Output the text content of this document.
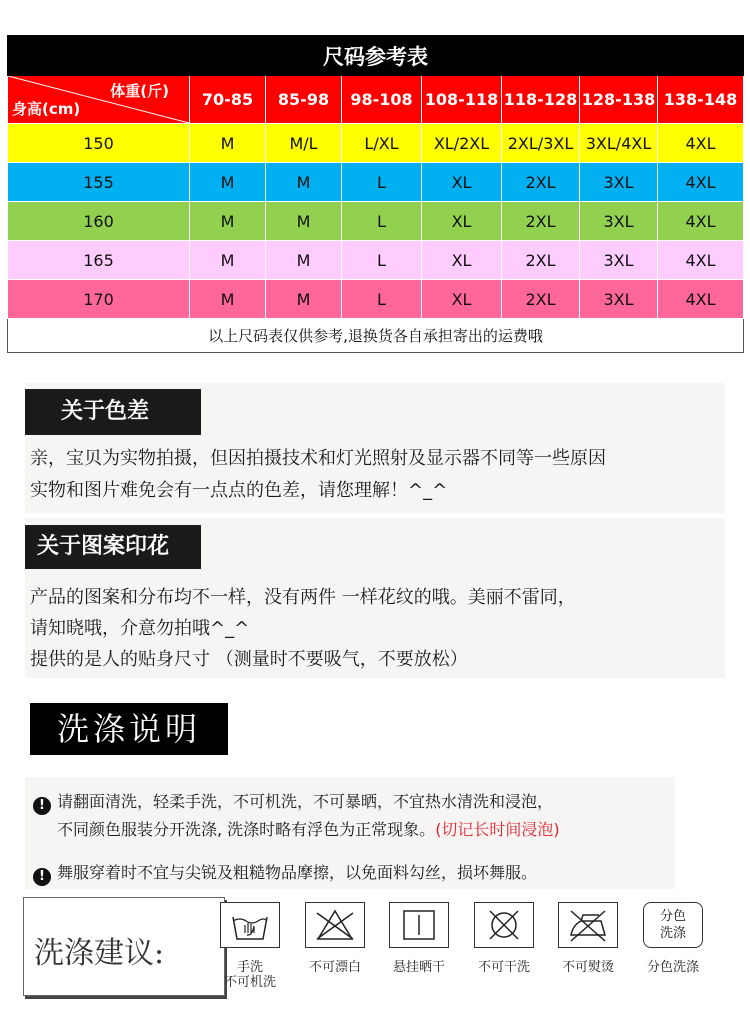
尺码参考表							

体重(斤)
身高(cm)	70-85	85-98	98-108	108-118	118-128	128-138	138-148
150	M	M/L	L/XL	XL/2XL	2XL/3XL	3XL/4XL	4XL
155	M	M	L	XL	2XL	3XL	4XL
160	M	M	L	XL	2XL	3XL	4XL
165	M	M	L	XL	2XL	3XL	4XL
170	M	M	L	XL	2XL	3XL	4XL
以上尺码表仅供参考,退换货各自承担寄出的运费哦							
关于色差
亲，宝贝为实物拍摄，但因拍摄技术和灯光照射及显示器不同等一些原因
实物和图片难免会有一点点的色差，请您理解！^_^
关于图案印花
产品的图案和分布均不一样，没有两件 一样花纹的哦。美丽不雷同，
请知晓哦，介意勿拍哦^_^
提供的是人的贴身尺寸 （测量时不要吸气，不要放松）
洗涤说明
! 请翻面清洗，轻柔手洗，不可机洗，不可暴晒，不宜热水清洗和浸泡，
不同颜色服装分开洗涤, 洗涤时略有浮色为正常现象。(切记长时间浸泡)
! 舞服穿着时不宜与尖锐及粗糙物品摩擦，以免面料勾丝，损坏舞服。
洗涤建议:
分色
洗涤
手洗
不可机洗
不可漂白	悬挂晒干	不可干洗	不可熨烫	分色洗涤
